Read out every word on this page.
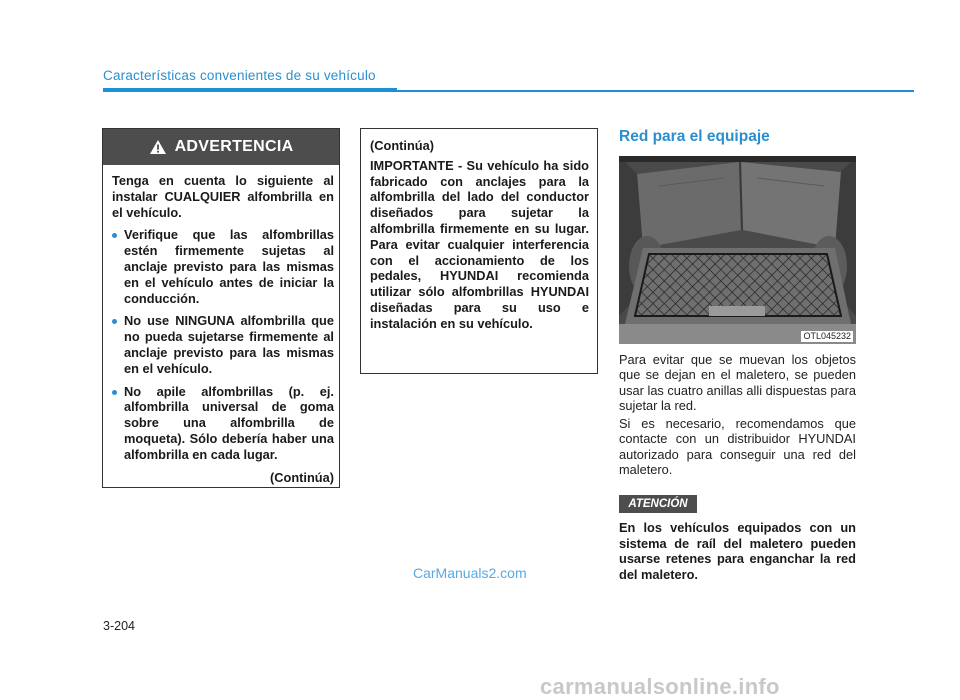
Características convenientes de su vehículo
ADVERTENCIA

Tenga en cuenta lo siguiente al instalar CUALQUIER alfombrilla en el vehículo.

Verifique que las alfombrillas estén firmemente sujetas al anclaje previsto para las mismas en el vehículo antes de iniciar la conducción.
No use NINGUNA alfombrilla que no pueda sujetarse firmemente al anclaje previsto para las mismas en el vehículo.
No apile alfombrillas (p. ej. alfombrilla universal de goma sobre una alfombrilla de moqueta). Sólo debería haber una alfombrilla en cada lugar.
(Continúa)

(Continúa)

IMPORTANTE - Su vehículo ha sido fabricado con anclajes para la alfombrilla del lado del conductor diseñados para sujetar la alfombrilla firmemente en su lugar. Para evitar cualquier interferencia con el accionamiento de los pedales, HYUNDAI recomienda utilizar sólo alfombrillas HYUNDAI diseñadas para su uso e instalación en su vehículo.

Red para el equipaje
OTL045232
Para evitar que se muevan los objetos que se dejan en el maletero, se pueden usar las cuatro anillas alli dispuestas para sujetar la red.
Si es necesario, recomendamos que contacte con un distribuidor HYUNDAI autorizado para conseguir una red del maletero.
ATENCIÓN
En los vehículos equipados con un sistema de raíl del maletero pueden usarse retenes para enganchar la red del maletero.
CarManuals2.com
3-204
carmanualsonline.info
